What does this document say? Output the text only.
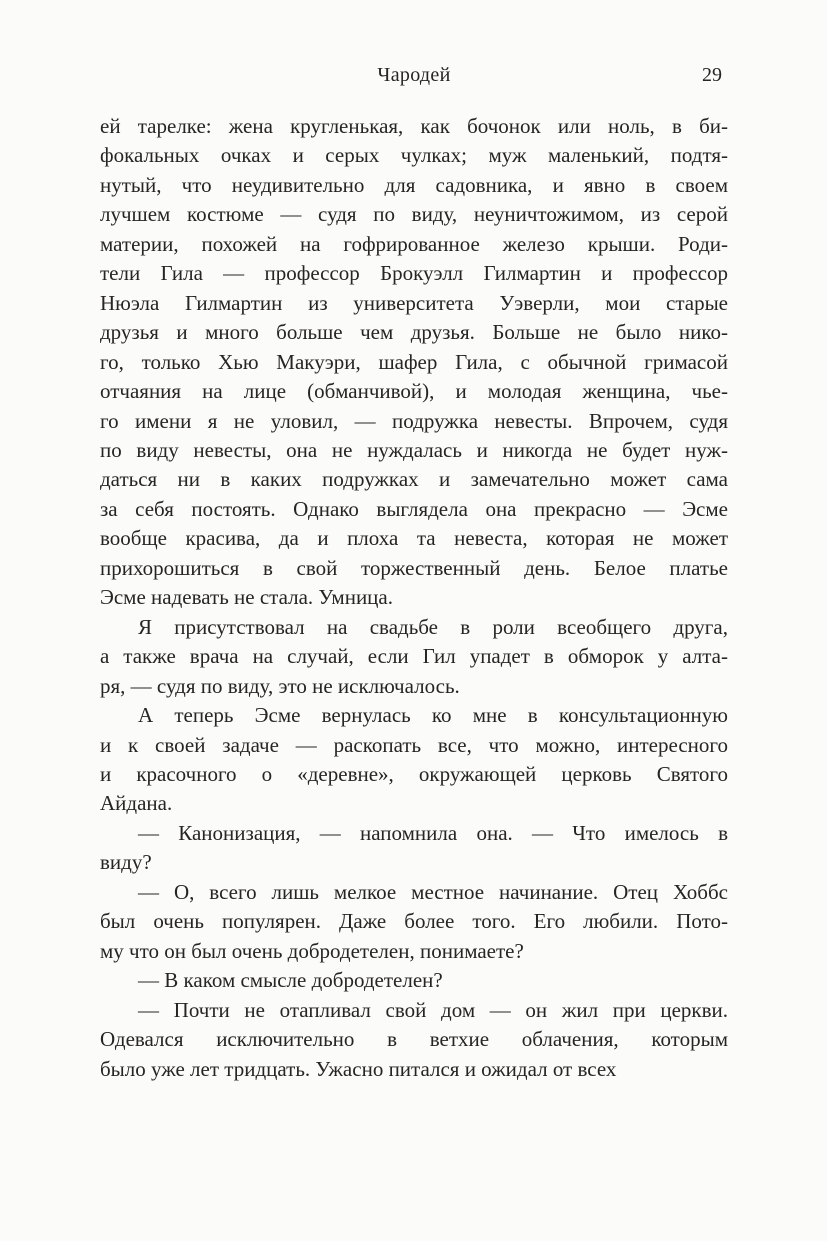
Чародей	29
ей тарелке: жена кругленькая, как бочонок или ноль, в би-
фокальных очках и серых чулках; муж маленький, подтя-
нутый, что неудивительно для садовника, и явно в своем
лучшем костюме — судя по виду, неуничтожимом, из серой
материи, похожей на гофрированное железо крыши. Роди-
тели Гила — профессор Брокуэлл Гилмартин и профессор
Нюэла Гилмартин из университета Уэверли, мои старые
друзья и много больше чем друзья. Больше не было нико-
го, только Хью Макуэри, шафер Гила, с обычной гримасой
отчаяния на лице (обманчивой), и молодая женщина, чье-
го имени я не уловил, — подружка невесты. Впрочем, судя
по виду невесты, она не нуждалась и никогда не будет нуж-
даться ни в каких подружках и замечательно может сама
за себя постоять. Однако выглядела она прекрасно — Эсме
вообще красива, да и плоха та невеста, которая не может
прихорошиться в свой торжественный день. Белое платье
Эсме надевать не стала. Умница.
Я присутствовал на свадьбе в роли всеобщего друга,
а также врача на случай, если Гил упадет в обморок у алта-
ря, — судя по виду, это не исключалось.
А теперь Эсме вернулась ко мне в консультационную
и к своей задаче — раскопать все, что можно, интересного
и красочного о «деревне», окружающей церковь Святого
Айдана.
— Канонизация, — напомнила она. — Что имелось в
виду?
— О, всего лишь мелкое местное начинание. Отец Хоббс
был очень популярен. Даже более того. Его любили. Пото-
му что он был очень добродетелен, понимаете?
— В каком смысле добродетелен?
— Почти не отапливал свой дом — он жил при церкви.
Одевался исключительно в ветхие облачения, которым
было уже лет тридцать. Ужасно питался и ожидал от всех
